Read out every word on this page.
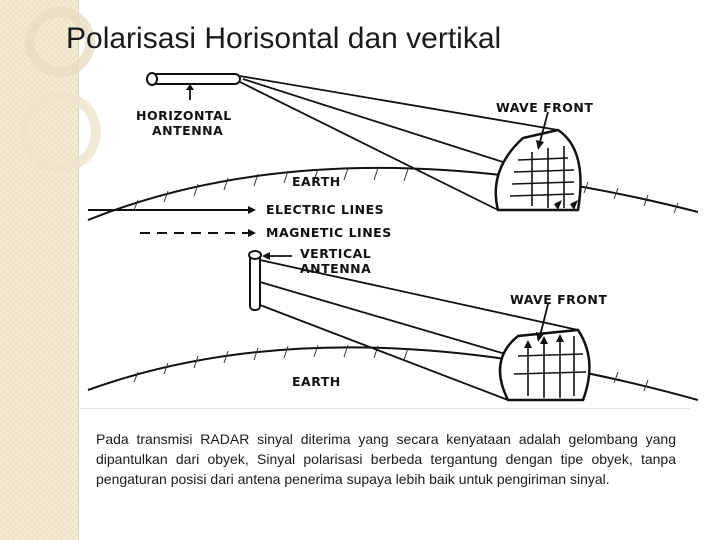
Polarisasi Horisontal dan vertikal
HORIZONTAL
ANTENNA
WAVE FRONT
EARTH
ELECTRIC LINES
MAGNETIC LINES
VERTICAL
ANTENNA
WAVE FRONT
EARTH
Pada transmisi RADAR sinyal diterima yang secara kenyataan adalah gelombang yang dipantulkan dari obyek, Sinyal polarisasi berbeda tergantung dengan tipe obyek, tanpa pengaturan posisi dari antena penerima supaya lebih baik untuk pengiriman sinyal.
